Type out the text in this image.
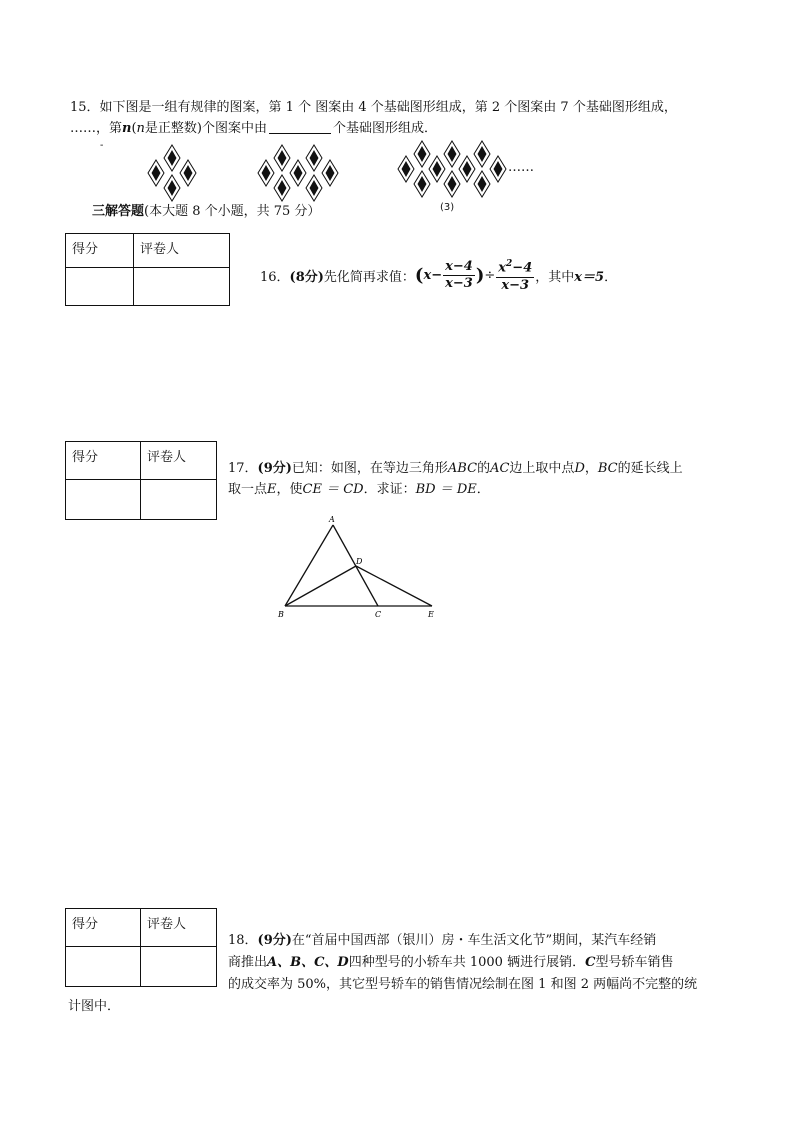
15．如下图是一组有规律的图案，第 1 个 图案由 4 个基础图形组成，第 2 个图案由 7 个基础图形组成，
……，第n(n是正整数)个图案中由	个基础图形组成．
-
……
(3)
三解答题(本大题 8 个小题，共 75 分）
得分	评卷人

16． (8分) 先化简再求值： ( $x - \frac{x-4}{x-3}$ ) ÷ $\frac{x^2-4}{x-3}$ ，其中 x＝5 ．
得分	评卷人

17．(9分)已知：如图，在等边三角形ABC的AC边上取中点D，BC的延长线上
取一点E，使CE ＝ CD．求证：BD ＝ DE．
A
D
B	C	E
得分	评卷人

18．(9分)在“首届中国西部（银川）房・车生活文化节”期间，某汽车经销
商推出A、B、C、D四种型号的小轿车共 1000 辆进行展销．C型号轿车销售
的成交率为 50%，其它型号轿车的销售情况绘制在图 1 和图 2 两幅尚不完整的统
计图中．
